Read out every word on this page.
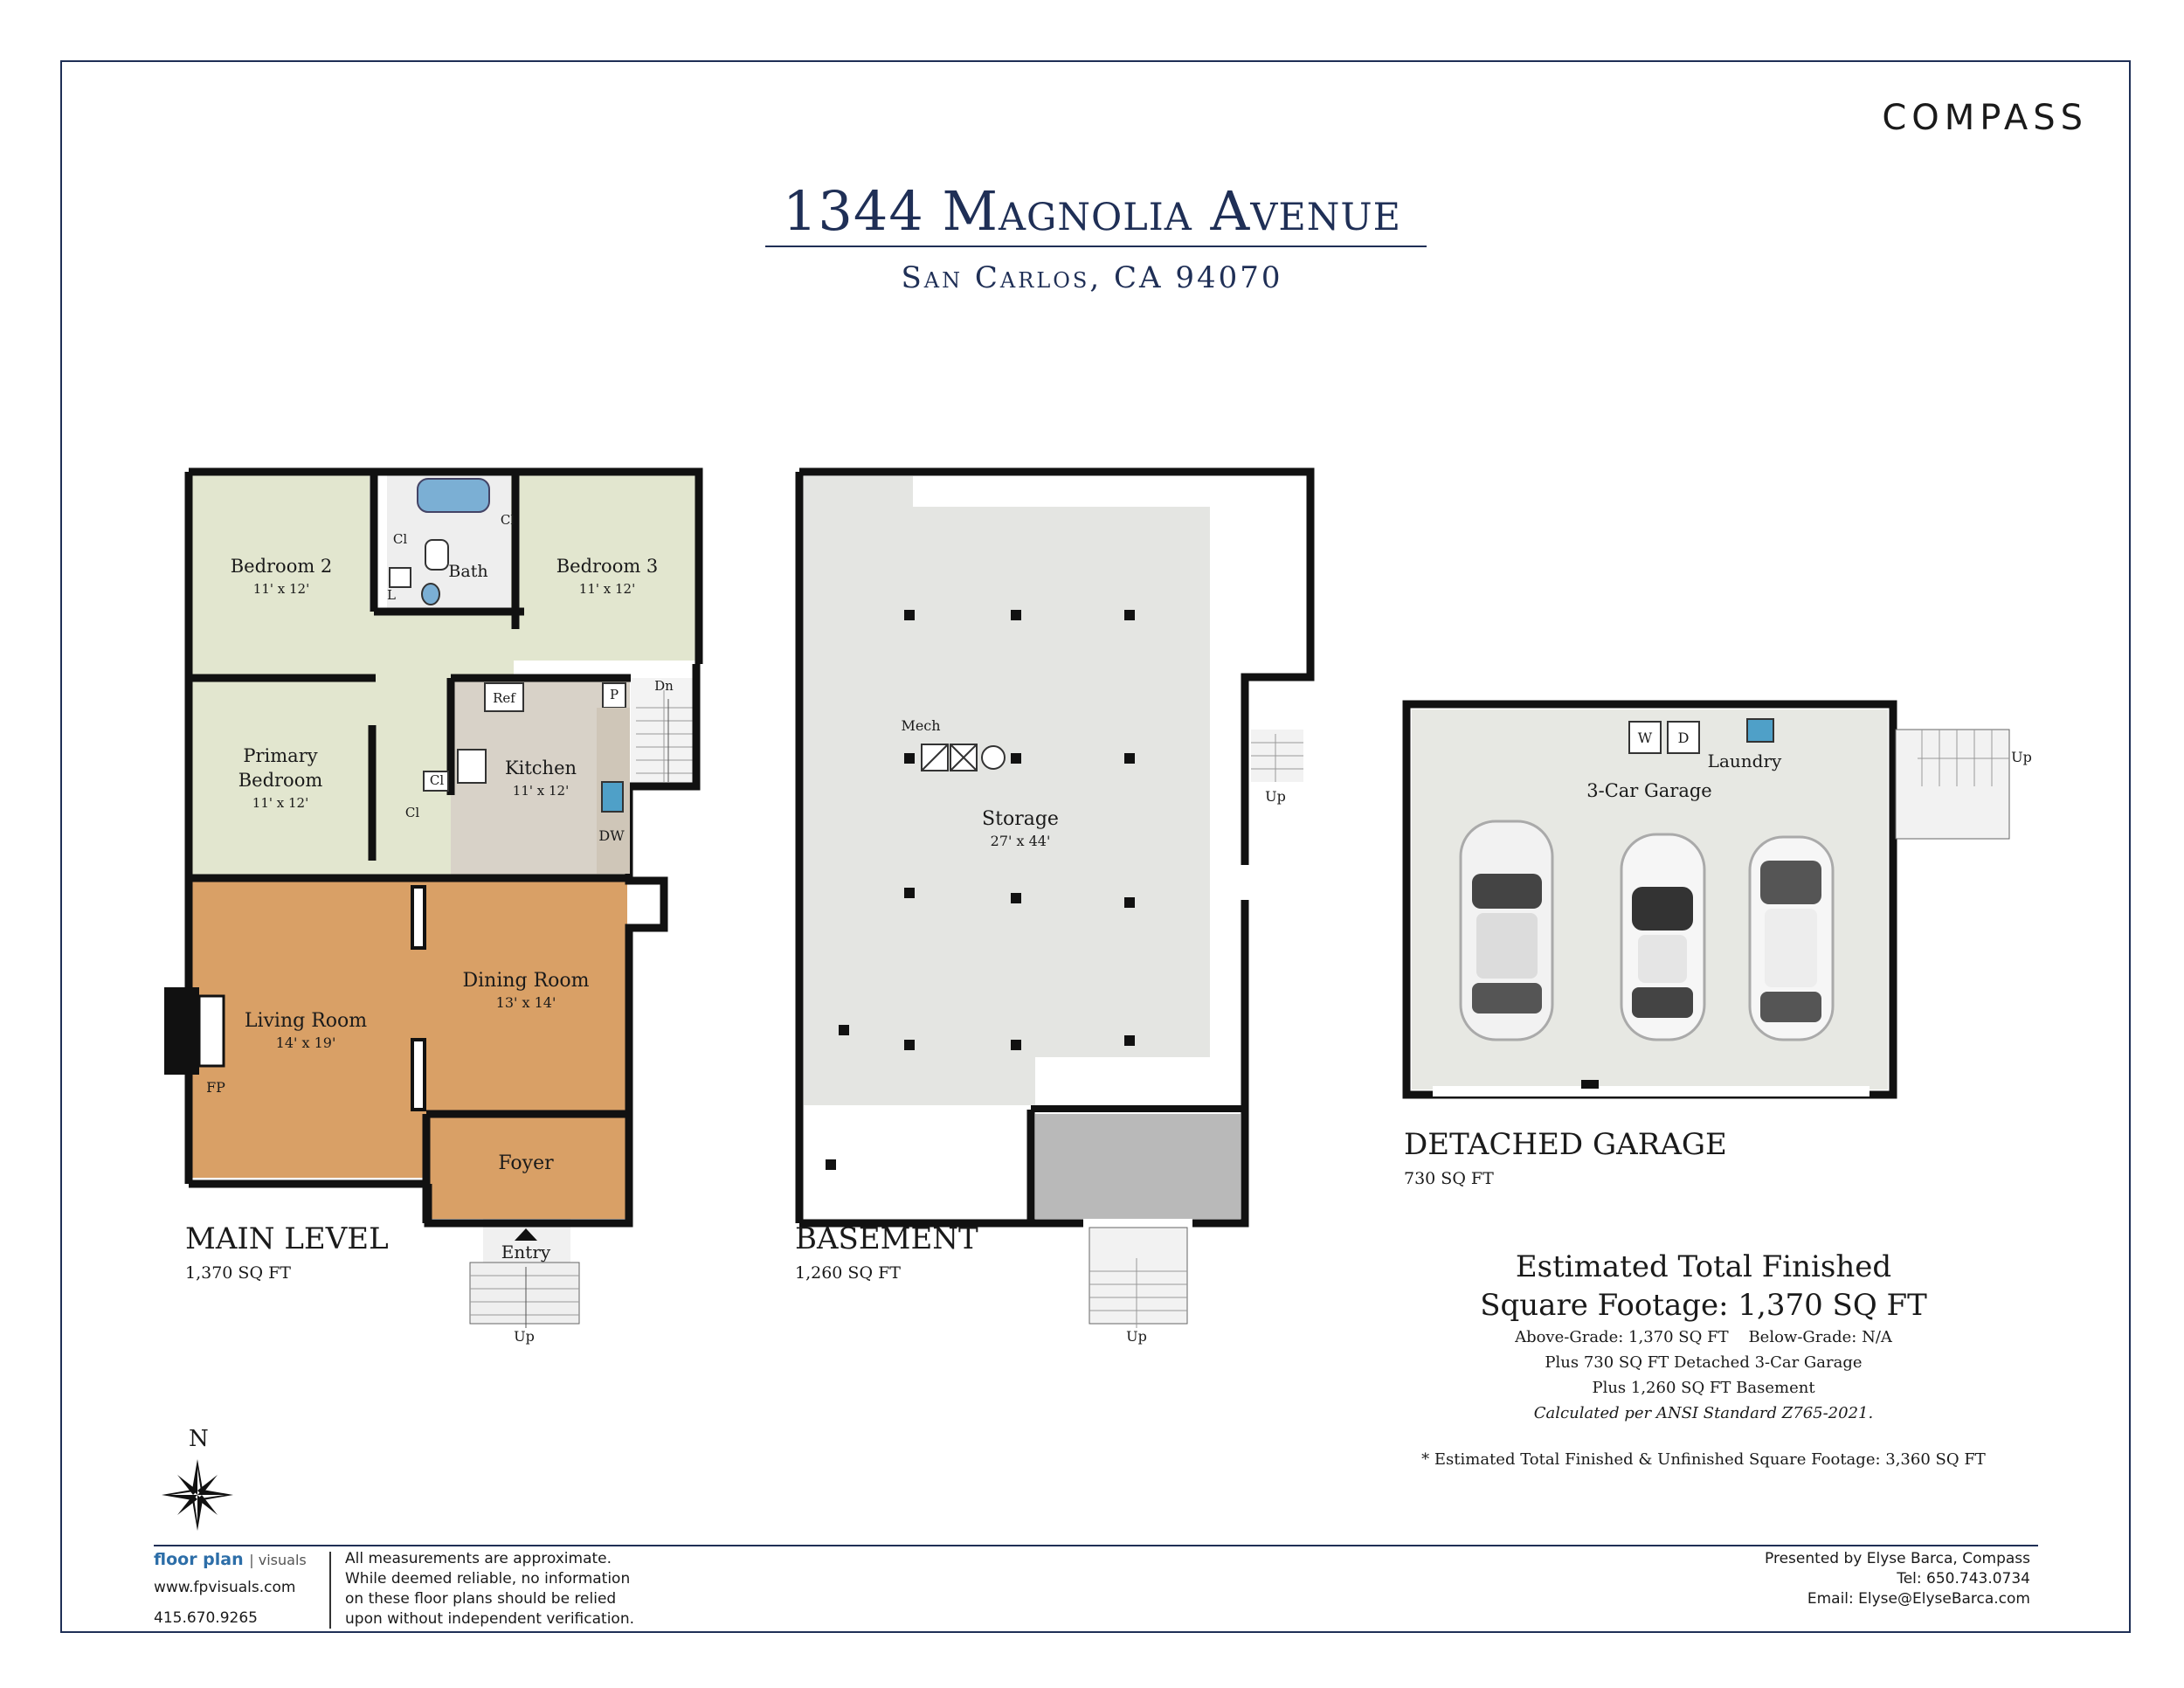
COMPASS
1344 Magnolia Avenue
San Carlos, CA 94070
Bedroom 2
11' x 12'
Bedroom 3
11' x 12'
Bath
Primary
Bedroom
11' x 12'
Kitchen
11' x 12'
Living Room
14' x 19'
Dining Room
13' x 14'
Foyer
Entry
Up
Dn
FP
Ref	P
DW
Cl
Cl
Cl
Cl
L
Mech
Storage
27' x 44'
Up
Up
W D
Laundry
3-Car Garage
Up
MAIN LEVEL
1,370 SQ FT
BASEMENT
1,260 SQ FT
DETACHED GARAGE
730 SQ FT
Estimated Total Finished
Square Footage: 1,370 SQ FT
Above-Grade: 1,370 SQ FT    Below-Grade: N/A
Plus 730 SQ FT Detached 3-Car Garage
Plus 1,260 SQ FT Basement
Calculated per ANSI Standard Z765-2021.
* Estimated Total Finished & Unfinished Square Footage: 3,360 SQ FT
N
floor plan | visuals
www.fpvisuals.com
415.670.9265
All measurements are approximate.
While deemed reliable, no information
on these floor plans should be relied
upon without independent verification.
Presented by Elyse Barca, Compass
Tel: 650.743.0734
Email: Elyse@ElyseBarca.com
